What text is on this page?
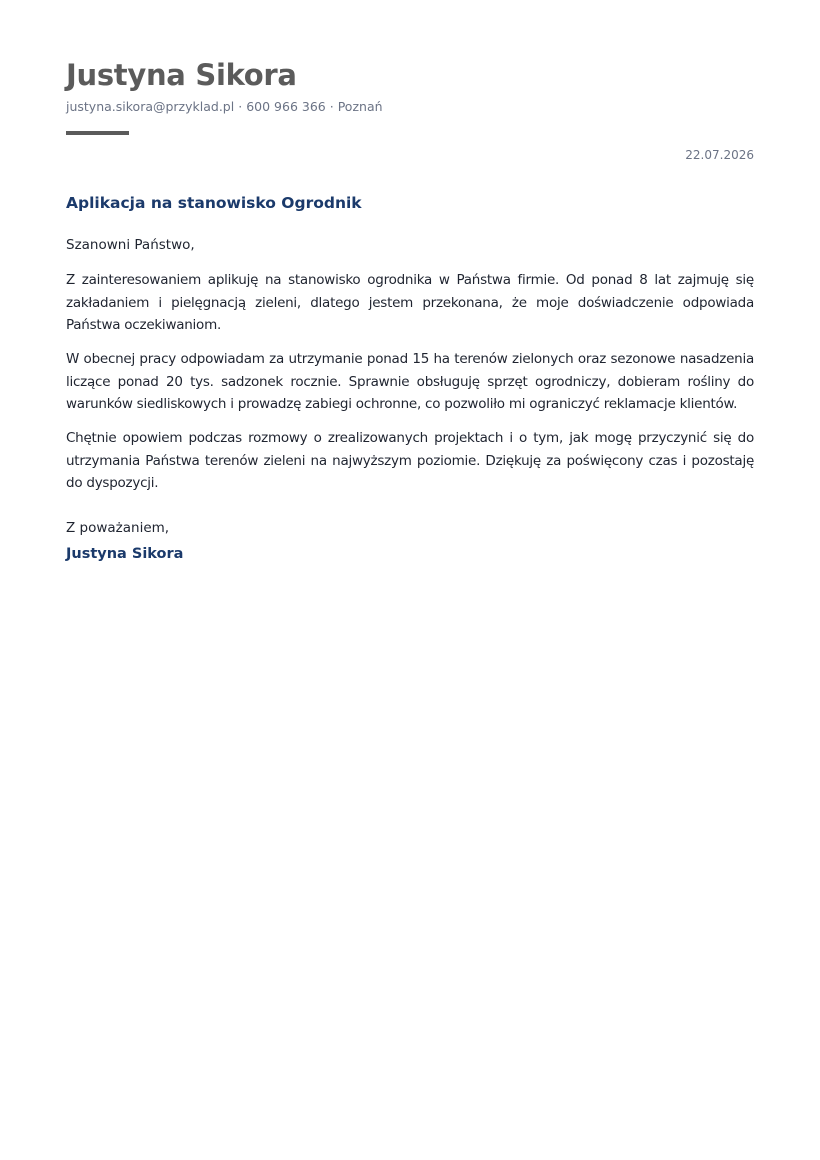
Justyna Sikora
justyna.sikora@przyklad.pl · 600 966 366 · Poznań
22.07.2026
Aplikacja na stanowisko Ogrodnik
Szanowni Państwo,

Z zainteresowaniem aplikuję na stanowisko ogrodnika w Państwa firmie. Od ponad 8 lat zajmuję się zakładaniem i pielęgnacją zieleni, dlatego jestem przekonana, że moje doświadczenie odpowiada Państwa oczekiwaniom.

W obecnej pracy odpowiadam za utrzymanie ponad 15 ha terenów zielonych oraz sezonowe nasadzenia liczące ponad 20 tys. sadzonek rocznie. Sprawnie obsługuję sprzęt ogrodniczy, dobieram rośliny do warunków siedliskowych i prowadzę zabiegi ochronne, co pozwoliło mi ograniczyć reklamacje klientów.

Chętnie opowiem podczas rozmowy o zrealizowanych projektach i o tym, jak mogę przyczynić się do utrzymania Państwa terenów zieleni na najwyższym poziomie. Dziękuję za poświęcony czas i pozostaję do dyspozycji.

Z poważaniem,
Justyna Sikora
